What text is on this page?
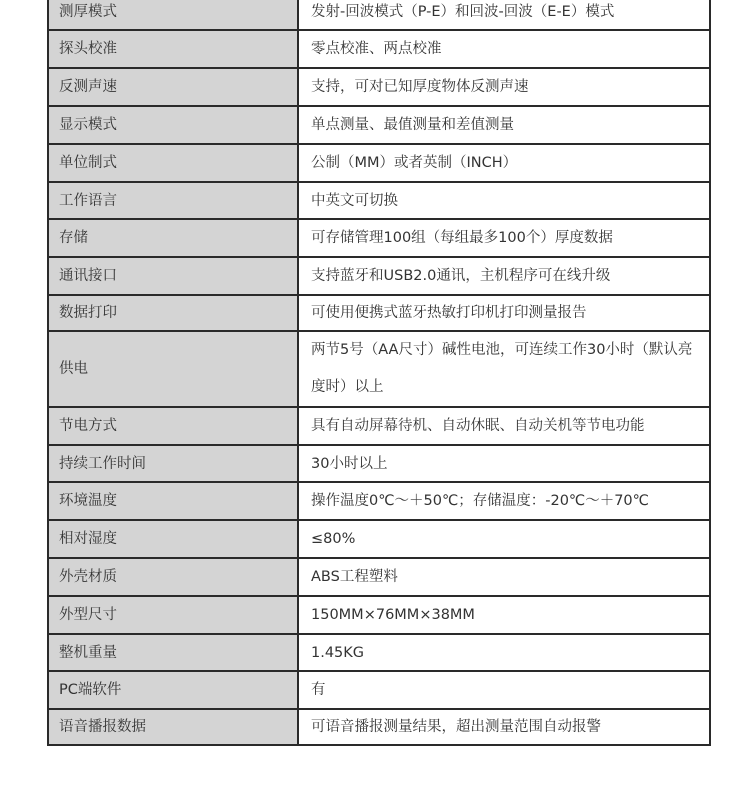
测厚模式	发射-回波模式（P-E）和回波-回波（E-E）模式
探头校准	零点校准、两点校准
反测声速	支持，可对已知厚度物体反测声速
显示模式	单点测量、最值测量和差值测量
单位制式	公制（MM）或者英制（INCH）
工作语言	中英文可切换
存储	可存储管理100组（每组最多100个）厚度数据
通讯接口	支持蓝牙和USB2.0通讯，主机程序可在线升级
数据打印	可使用便携式蓝牙热敏打印机打印测量报告
供电	两节5号（AA尺寸）碱性电池，可连续工作30小时（默认亮度时）以上
节电方式	具有自动屏幕待机、自动休眠、自动关机等节电功能
持续工作时间	30小时以上
环境温度	操作温度0℃～＋50℃；存储温度：-20℃～＋70℃
相对湿度	≤80%
外壳材质	ABS工程塑料
外型尺寸	150MM×76MM×38MM
整机重量	1.45KG
PC端软件	有
语音播报数据	可语音播报测量结果，超出测量范围自动报警
